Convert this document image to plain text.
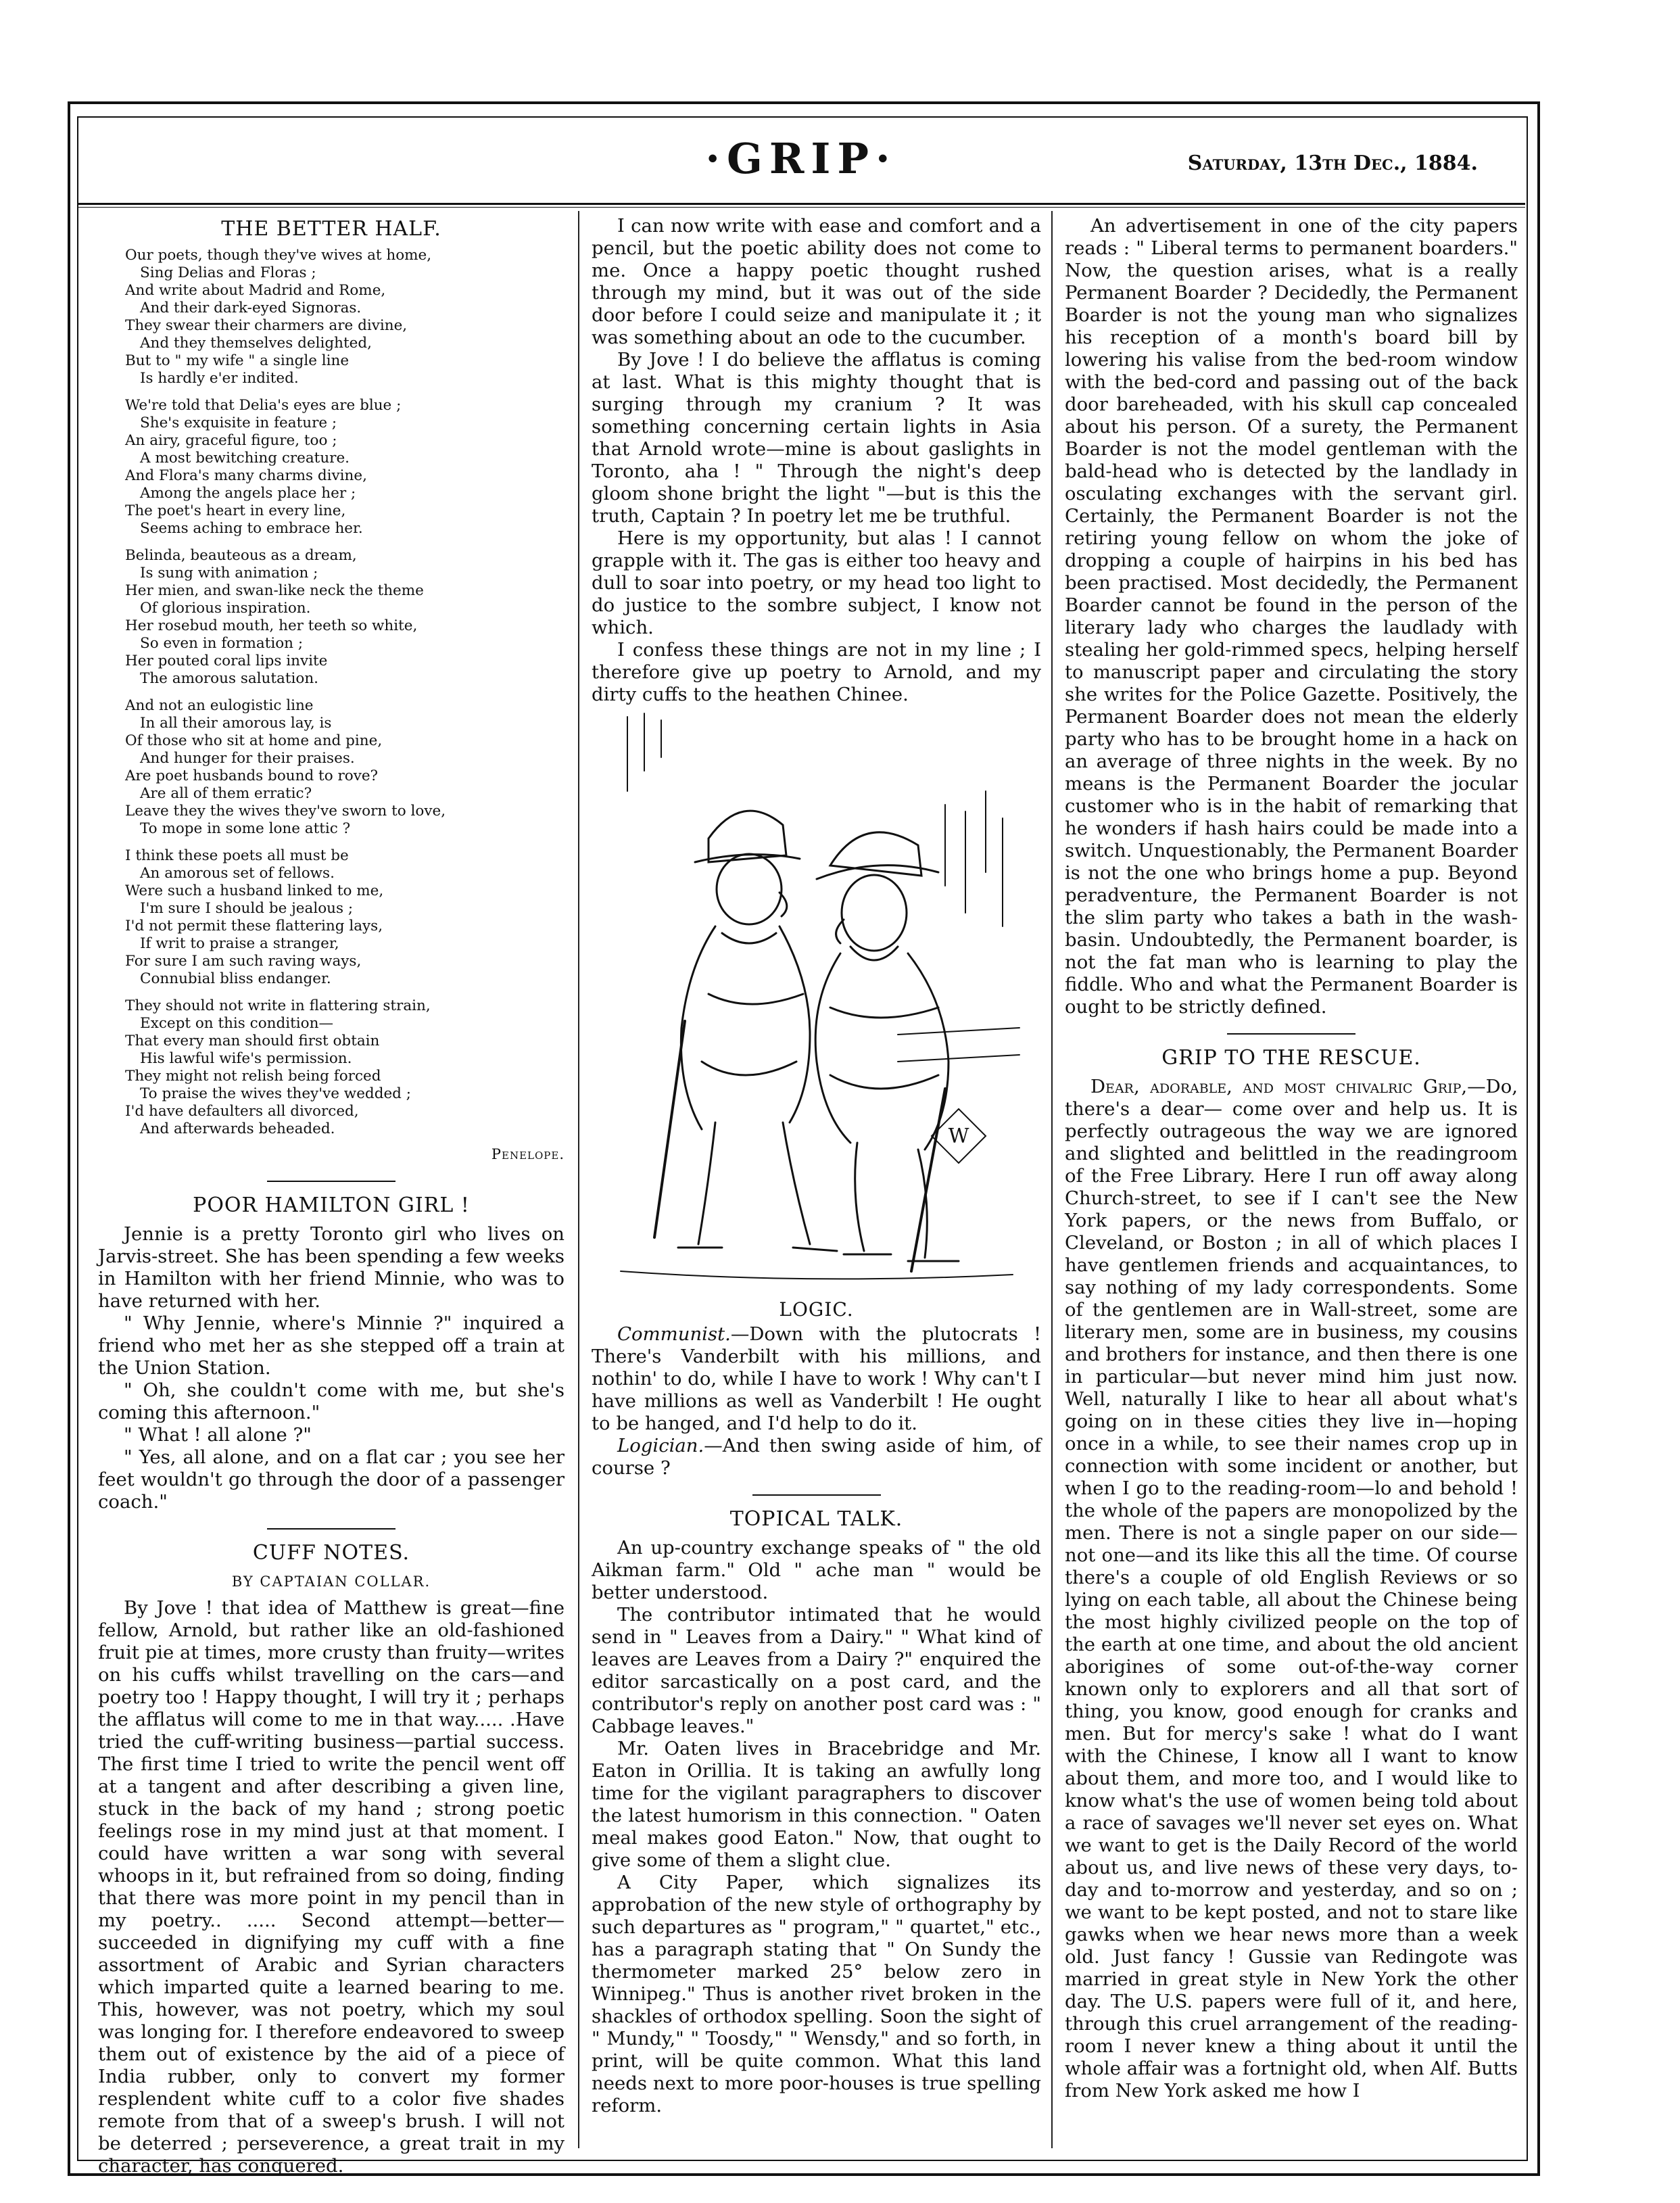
·GRIP·	Saturday, 13th Dec., 1884.
THE BETTER HALF.
Our poets, though they've wives at home,
Sing Delias and Floras ;
And write about Madrid and Rome,
And their dark-eyed Signoras.
They swear their charmers are divine,
And they themselves delighted,
But to " my wife " a single line
Is hardly e'er indited.
We're told that Delia's eyes are blue ;
She's exquisite in feature ;
An airy, graceful figure, too ;
A most bewitching creature.
And Flora's many charms divine,
Among the angels place her ;
The poet's heart in every line,
Seems aching to embrace her.
Belinda, beauteous as a dream,
Is sung with animation ;
Her mien, and swan-like neck the theme
Of glorious inspiration.
Her rosebud mouth, her teeth so white,
So even in formation ;
Her pouted coral lips invite
The amorous salutation.
And not an eulogistic line
In all their amorous lay, is
Of those who sit at home and pine,
And hunger for their praises.
Are poet husbands bound to rove?
Are all of them erratic?
Leave they the wives they've sworn to love,
To mope in some lone attic ?
I think these poets all must be
An amorous set of fellows.
Were such a husband linked to me,
I'm sure I should be jealous ;
I'd not permit these flattering lays,
If writ to praise a stranger,
For sure I am such raving ways,
Connubial bliss endanger.
They should not write in flattering strain,
Except on this condition—
That every man should first obtain
His lawful wife's permission.
They might not relish being forced
To praise the wives they've wedded ;
I'd have defaulters all divorced,
And afterwards beheaded.
Penelope.
POOR HAMILTON GIRL !

Jennie is a pretty Toronto girl who lives on Jarvis-street. She has been spending a few weeks in Hamilton with her friend Minnie, who was to have returned with her.

" Why Jennie, where's Minnie ?" inquired a friend who met her as she stepped off a train at the Union Station.

" Oh, she couldn't come with me, but she's coming this afternoon."

" What ! all alone ?"

" Yes, all alone, and on a flat car ; you see her feet wouldn't go through the door of a passenger coach."

CUFF NOTES.
BY CAPTAIAN COLLAR.

By Jove ! that idea of Matthew is great—fine fellow, Arnold, but rather like an old-fashioned fruit pie at times, more crusty than fruity—writes on his cuffs whilst travelling on the cars—and poetry too ! Happy thought, I will try it ; perhaps the afflatus will come to me in that way..... .Have tried the cuff-writing business—partial success. The first time I tried to write the pencil went off at a tangent and after describing a given line, stuck in the back of my hand ; strong poetic feelings rose in my mind just at that moment. I could have written a war song with several whoops in it, but refrained from so doing, finding that there was more point in my pencil than in my poetry.. ..... Second attempt—better—succeeded in dignifying my cuff with a fine assortment of Arabic and Syrian characters which imparted quite a learned bearing to me. This, however, was not poetry, which my soul was longing for. I therefore endeavored to sweep them out of existence by the aid of a piece of India rubber, only to convert my former resplendent white cuff to a color five shades remote from that of a sweep's brush. I will not be deterred ; perseverence, a great trait in my character, has conquered.

I can now write with ease and comfort and a pencil, but the poetic ability does not come to me. Once a happy poetic thought rushed through my mind, but it was out of the side door before I could seize and manipulate it ; it was something about an ode to the cucumber.

By Jove ! I do believe the afflatus is coming at last. What is this mighty thought that is surging through my cranium ? It was something concerning certain lights in Asia that Arnold wrote—mine is about gaslights in Toronto, aha ! " Through the night's deep gloom shone bright the light "—but is this the truth, Captain ? In poetry let me be truthful.

Here is my opportunity, but alas ! I cannot grapple with it. The gas is either too heavy and dull to soar into poetry, or my head too light to do justice to the sombre subject, I know not which.

I confess these things are not in my line ; I therefore give up poetry to Arnold, and my dirty cuffs to the heathen Chinee.

W
LOGIC.

Communist.—Down with the plutocrats ! There's Vanderbilt with his millions, and nothin' to do, while I have to work ! Why can't I have millions as well as Vanderbilt ! He ought to be hanged, and I'd help to do it.

Logician.—And then swing aside of him, of course ?

TOPICAL TALK.

An up-country exchange speaks of " the old Aikman farm." Old " ache man " would be better understood.

The contributor intimated that he would send in " Leaves from a Dairy." " What kind of leaves are Leaves from a Dairy ?" enquired the editor sarcastically on a post card, and the contributor's reply on another post card was : " Cabbage leaves."

Mr. Oaten lives in Bracebridge and Mr. Eaton in Orillia. It is taking an awfully long time for the vigilant paragraphers to discover the latest humorism in this connection. " Oaten meal makes good Eaton." Now, that ought to give some of them a slight clue.

A City Paper, which signalizes its approbation of the new style of orthography by such departures as " program," " quartet," etc., has a paragraph stating that " On Sundy the thermometer marked 25° below zero in Winnipeg." Thus is another rivet broken in the shackles of orthodox spelling. Soon the sight of " Mundy," " Toosdy," " Wensdy," and so forth, in print, will be quite common. What this land needs next to more poor-houses is true spelling reform.

An advertisement in one of the city papers reads : " Liberal terms to permanent boarders." Now, the question arises, what is a really Permanent Boarder ? Decidedly, the Permanent Boarder is not the young man who signalizes his reception of a month's board bill by lowering his valise from the bed-room window with the bed-cord and passing out of the back door bareheaded, with his skull cap concealed about his person. Of a surety, the Permanent Boarder is not the model gentleman with the bald-head who is detected by the landlady in osculating exchanges with the servant girl. Certainly, the Permanent Boarder is not the retiring young fellow on whom the joke of dropping a couple of hairpins in his bed has been practised. Most decidedly, the Permanent Boarder cannot be found in the person of the literary lady who charges the laudlady with stealing her gold-rimmed specs, helping herself to manuscript paper and circulating the story she writes for the Police Gazette. Positively, the Permanent Boarder does not mean the elderly party who has to be brought home in a hack on an average of three nights in the week. By no means is the Permanent Boarder the jocular customer who is in the habit of remarking that he wonders if hash hairs could be made into a switch. Unquestionably, the Permanent Boarder is not the one who brings home a pup. Beyond peradventure, the Permanent Boarder is not the slim party who takes a bath in the wash-basin. Undoubtedly, the Permanent boarder, is not the fat man who is learning to play the fiddle. Who and what the Permanent Boarder is ought to be strictly defined.

GRIP TO THE RESCUE.

Dear, adorable, and most chivalric Grip,—Do, there's a dear— come over and help us. It is perfectly outrageous the way we are ignored and slighted and belittled in the readingroom of the Free Library. Here I run off away along Church-street, to see if I can't see the New York papers, or the news from Buffalo, or Cleveland, or Boston ; in all of which places I have gentlemen friends and acquaintances, to say nothing of my lady correspondents. Some of the gentlemen are in Wall-street, some are literary men, some are in business, my cousins and brothers for instance, and then there is one in particular—but never mind him just now. Well, naturally I like to hear all about what's going on in these cities they live in—hoping once in a while, to see their names crop up in connection with some incident or another, but when I go to the reading-room—lo and behold ! the whole of the papers are monopolized by the men. There is not a single paper on our side—not one—and its like this all the time. Of course there's a couple of old English Reviews or so lying on each table, all about the Chinese being the most highly civilized people on the top of the earth at one time, and about the old ancient aborigines of some out-of-the-way corner known only to explorers and all that sort of thing, you know, good enough for cranks and men. But for mercy's sake ! what do I want with the Chinese, I know all I want to know about them, and more too, and I would like to know what's the use of women being told about a race of savages we'll never set eyes on. What we want to get is the Daily Record of the world about us, and live news of these very days, to-day and to-morrow and yesterday, and so on ; we want to be kept posted, and not to stare like gawks when we hear news more than a week old. Just fancy ! Gussie van Redingote was married in great style in New York the other day. The U.S. papers were full of it, and here, through this cruel arrangement of the reading-room I never knew a thing about it until the whole affair was a fortnight old, when Alf. Butts from New York asked me how I
